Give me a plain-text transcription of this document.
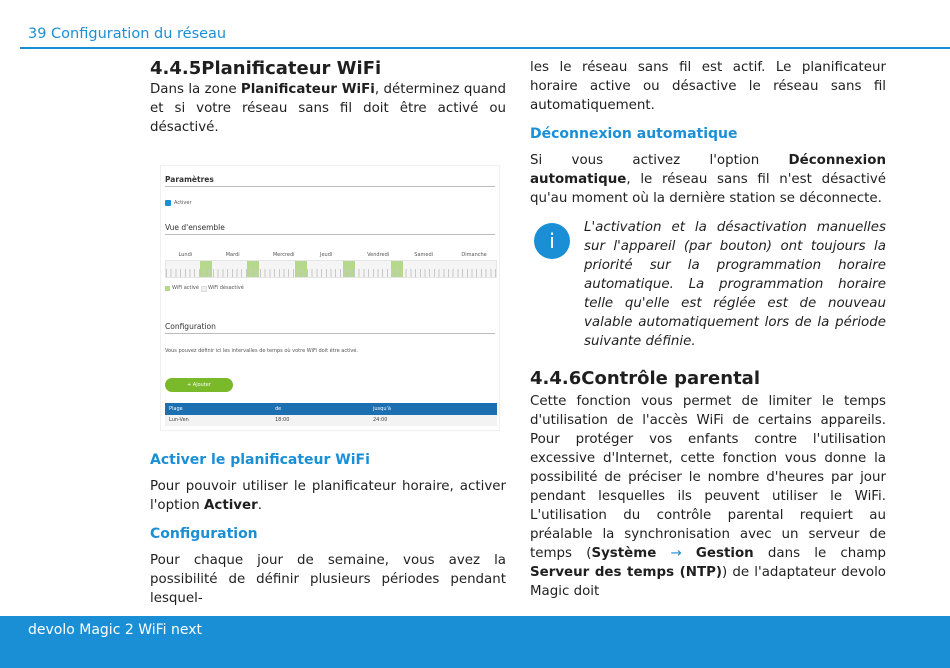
39 Configuration du réseau
4.4.5Planificateur WiFi

Dans la zone Planificateur WiFi, déterminez quand et si votre réseau sans fil doit être activé ou désactivé.

Paramètres
Activer
Vue d'ensemble
Lundi	Mardi	Mercredi	Jeudi	Vendredi	Samedi	Dimanche
WiFi activé WiFi désactivé
Configuration
Vous pouvez définir ici les intervalles de temps où votre WiFi doit être activé.
+ Ajouter
Plage	de	jusqu'à
Lun-Ven	18:00	24:00
Activer le planificateur WiFi

Pour pouvoir utiliser le planificateur horaire, activer l'option Activer.

Configuration

Pour chaque jour de semaine, vous avez la possibilité de définir plusieurs périodes pendant lesquel-

les le réseau sans fil est actif. Le planificateur horaire active ou désactive le réseau sans fil automatiquement.

Déconnexion automatique

Si vous activez l'option Déconnexion automatique, le réseau sans fil n'est désactivé qu'au moment où la dernière station se déconnecte.

i

L'activation et la désactivation manuelles sur l'appareil (par bouton) ont toujours la priorité sur la programmation horaire automatique. La programmation horaire telle qu'elle est réglée est de nouveau valable automatiquement lors de la période suivante définie.

4.4.6Contrôle parental

Cette fonction vous permet de limiter le temps d'utilisation de l'accès WiFi de certains appareils. Pour protéger vos enfants contre l'utilisation excessive d'Internet, cette fonction vous donne la possibilité de préciser le nombre d'heures par jour pendant lesquelles ils peuvent utiliser le WiFi. L'utilisation du contrôle parental requiert au préalable la synchronisation avec un serveur de temps (Système → Gestion dans le champ Serveur des temps (NTP)) de l'adaptateur devolo Magic doit

devolo Magic 2 WiFi next
